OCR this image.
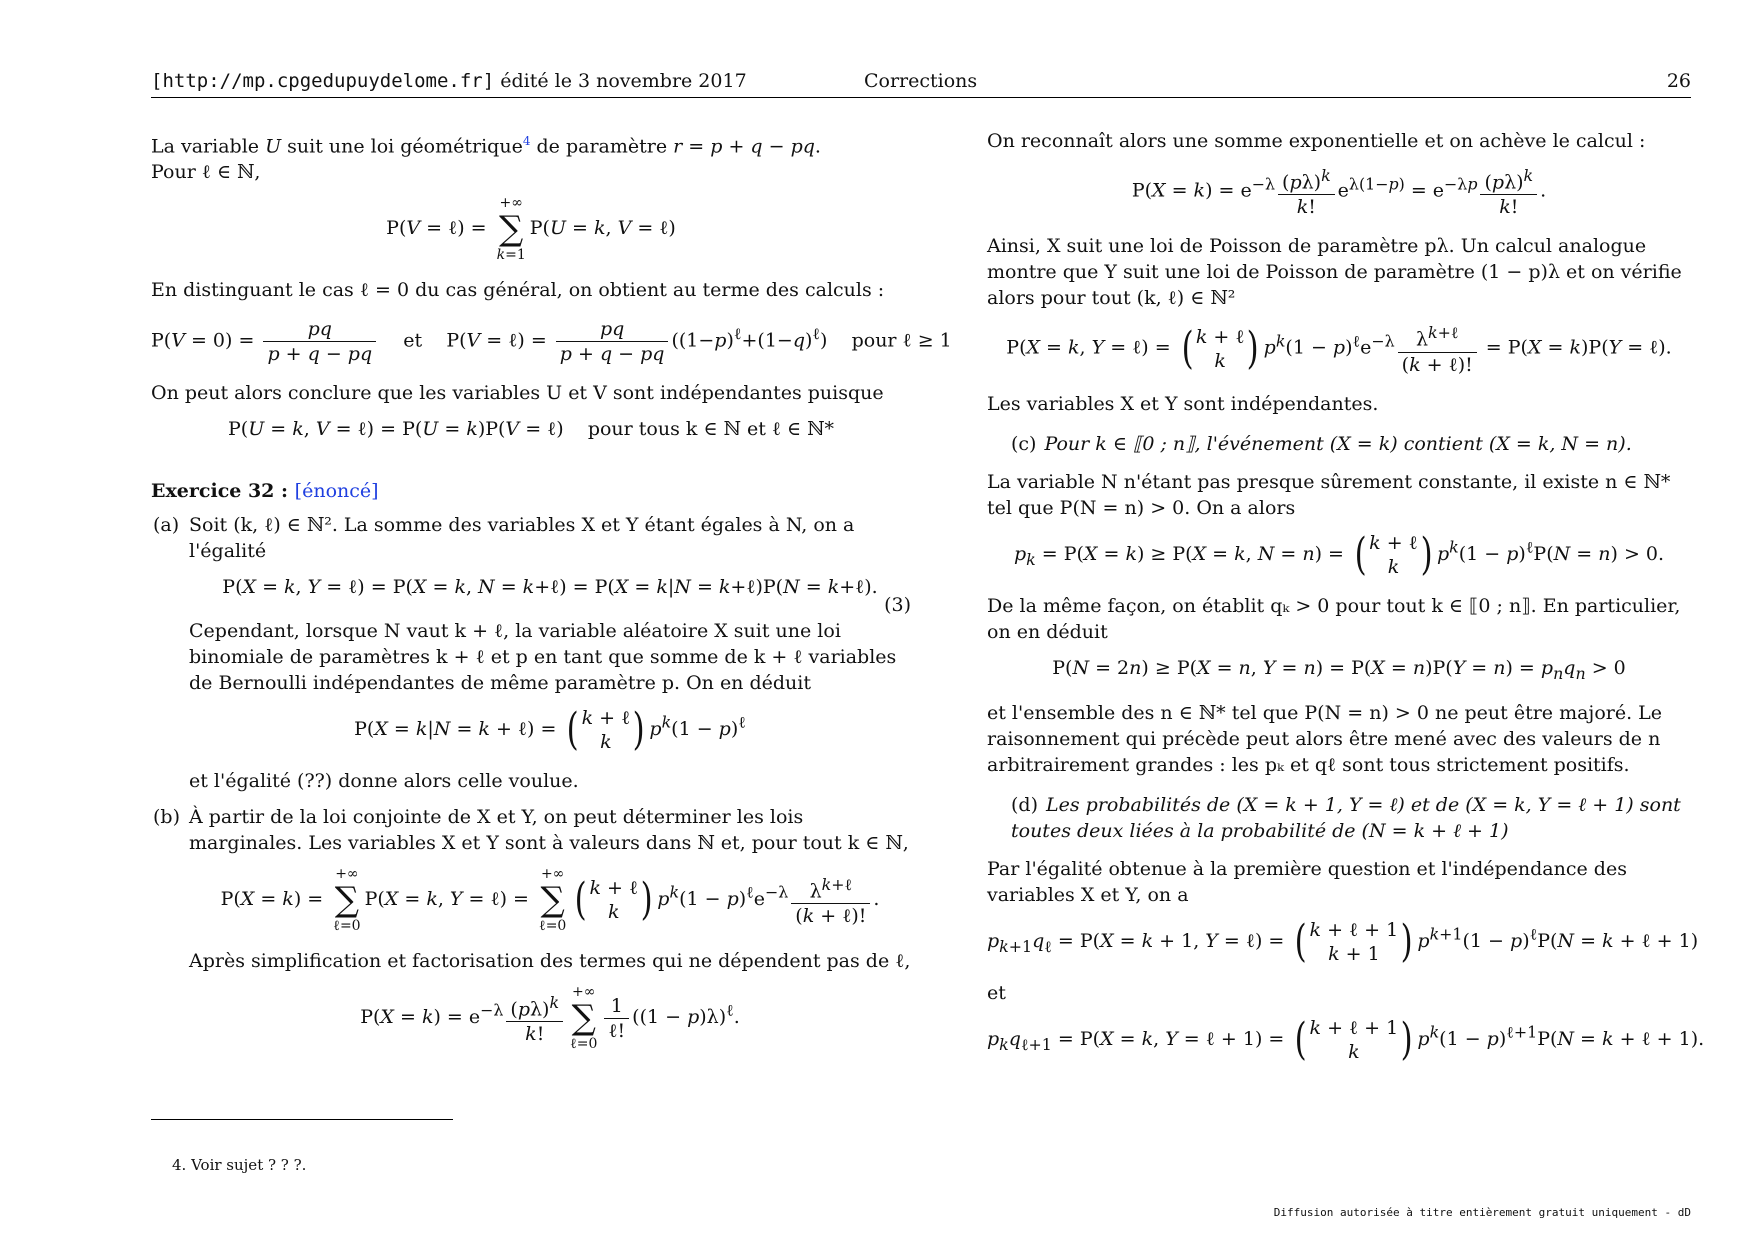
[http://mp.cpgedupuydelome.fr] édité le 3 novembre 2017	Corrections	26

La variable U suit une loi géométrique$^4$ de paramètre r = p + q − pq.

Pour ℓ ∈ ℕ,

P(V = ℓ) =
+∞
∑
k=1
P(U = k, V = ℓ)

En distinguant le cas ℓ = 0 du cas général, on obtient au terme des calculs :

$P(V = 0) = \frac{pq}{p + q - pq}$ et    P(V = ℓ) = $\frac{pq}{p + q - pq} ((1-p)^\ell+(1-q)^\ell)$    pour ℓ ≥ 1

On peut alors conclure que les variables U et V sont indépendantes puisque

P(U = k, V = ℓ) = P(U = k)P(V = ℓ)    pour tous k ∈ ℕ et ℓ ∈ ℕ*
Exercice 32 : [énoncé]
(a) Soit (k, ℓ) ∈ ℕ². La somme des variables X et Y étant égales à N, on a l'égalité

P(X = k, Y = ℓ) = P(X = k, N = k+ℓ) = P(X = k|N = k+ℓ)P(N = k+ℓ).
(3)

Cependant, lorsque N vaut k + ℓ, la variable aléatoire X suit une loi binomiale de paramètres k + ℓ et p en tant que somme de k + ℓ variables de Bernoulli indépendantes de même paramètre p. On en déduit

P(X = k|N = k + ℓ) = ( k + ℓ
k ) $p^k(1 - p)^\ell$

et l'égalité (??) donne alors celle voulue.

(b) À partir de la loi conjointe de X et Y, on peut déterminer les lois marginales. Les variables X et Y sont à valeurs dans ℕ et, pour tout k ∈ ℕ,

P(X = k) =
+∞
∑
ℓ=0
P(X = k, Y = ℓ) =
+∞
∑
ℓ=0
( k + ℓ
k ) $p^k(1 - p)^\ell e^{-\lambda} \frac{\lambda^{k+\ell}}{\text{(k + ℓ)!}}$ .

Après simplification et factorisation des termes qui ne dépendent pas de ℓ,

$P(X = k) = e^{-\lambda} \frac{(p\lambda)^k}{k!}$ +∞
∑
ℓ=0
$\frac{1}{\text{ℓ!}} ((1 - p)\lambda)^\ell$.
4. Voir sujet ? ? ?.

On reconnaît alors une somme exponentielle et on achève le calcul :

$P(X = k) = e^{-\lambda} \frac{(p\lambda)^k}{k!} e^{\lambda(1-p)} = e^{-\lambda p} \frac{(p\lambda)^k}{k!}$ .

Ainsi, X suit une loi de Poisson de paramètre pλ. Un calcul analogue montre que Y suit une loi de Poisson de paramètre (1 − p)λ et on vérifie alors pour tout (k, ℓ) ∈ ℕ²

P(X = k, Y = ℓ) = ( k + ℓ
k ) $p^k(1 - p)^\ell e^{-\lambda} \frac{\lambda^{k+\ell}}{\text{(k + ℓ)!}} = P(X = k)P(Y$ = ℓ).

Les variables X et Y sont indépendantes.

(c) Pour k ∈ ⟦0 ; n⟧, l'événement (X = k) contient (X = k, N = n).

La variable N n'étant pas presque sûrement constante, il existe n ∈ ℕ* tel que P(N = n) > 0. On a alors

$p_k = P(X = k) \ge P(X = k$, N = n) = ( k + ℓ
k ) $p^k(1 - p)^\ell P(N = n) > 0$.

De la même façon, on établit qₖ > 0 pour tout k ∈ ⟦0 ; n⟧. En particulier, on en déduit

P(N = 2n) ≥ P(X = n, $Y = n) = P(X = n)P(Y = n) = p_nq_n > 0$

et l'ensemble des n ∈ ℕ* tel que P(N = n) > 0 ne peut être majoré. Le raisonnement qui précède peut alors être mené avec des valeurs de n arbitrairement grandes : les pₖ et qℓ sont tous strictement positifs.

(d) Les probabilités de (X = k + 1, Y = ℓ) et de (X = k, Y = ℓ + 1) sont toutes deux liées à la probabilité de (N = k + ℓ + 1)

Par l'égalité obtenue à la première question et l'indépendance des variables X et Y, on a

$p_{k+1}q_\ell = P(X = k + 1$, Y = ℓ) = ( k + ℓ + 1
k + 1 ) $p^{k+1}(1 - p)^\ell P(N = k$ + ℓ + 1)

et

$p_kq_{\ell+1} = P(X = k$, Y = ℓ + 1) = ( k + ℓ + 1
k ) $p^k(1 - p)^{\ell+1}P(N = k$ + ℓ + 1).
Diffusion autorisée à titre entièrement gratuit uniquement - dD
